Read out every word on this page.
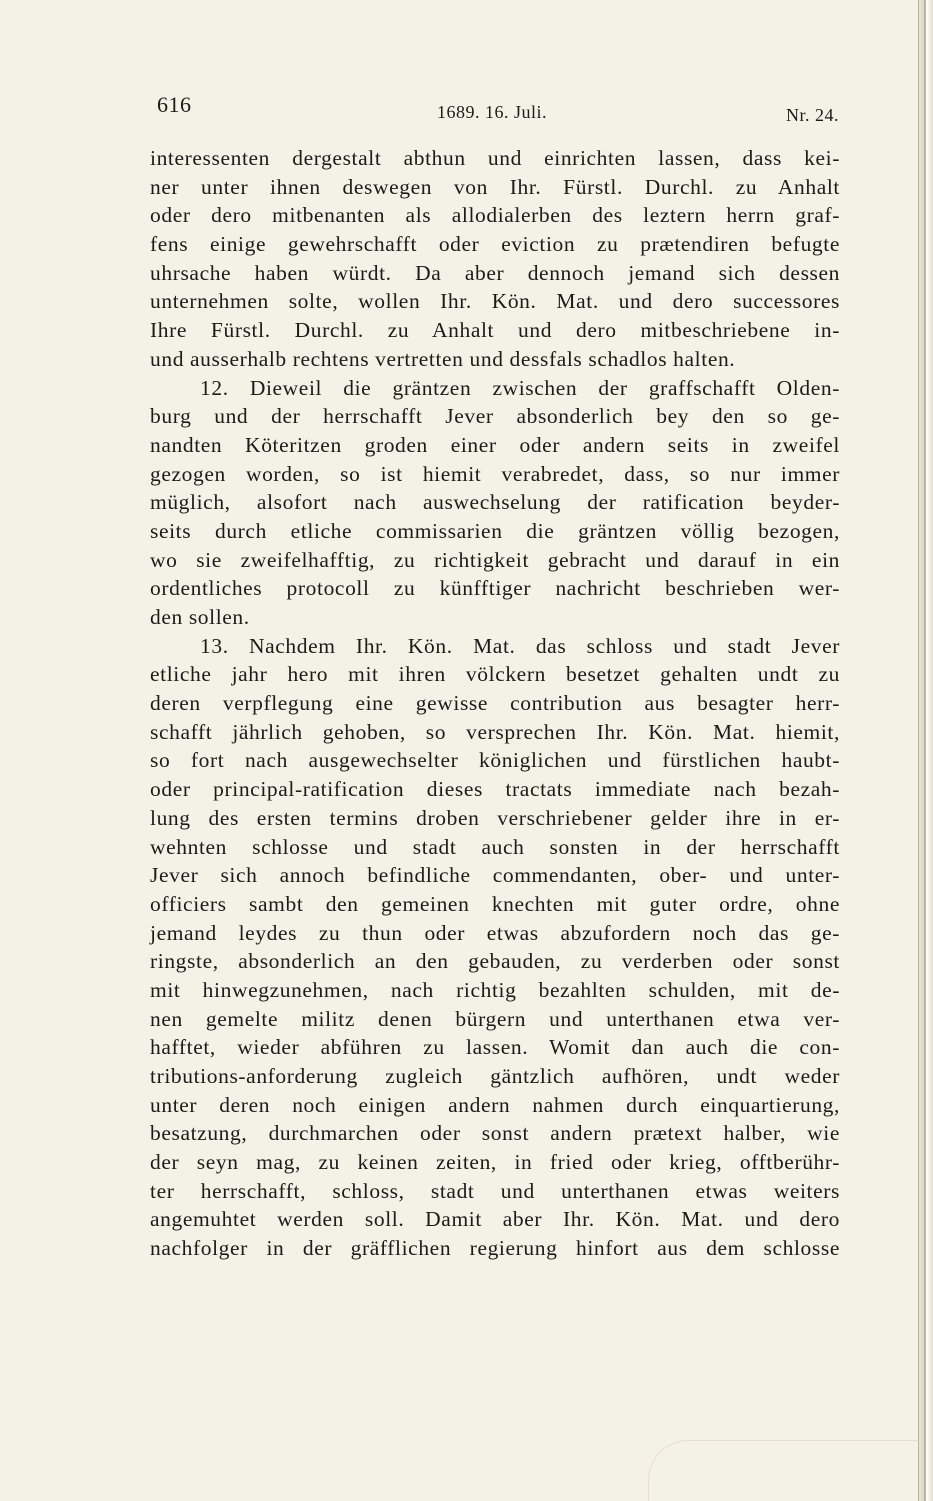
616	1689. 16. Juli.	Nr. 24.
interessenten dergestalt abthun und einrichten lassen, dass kei-
ner unter ihnen deswegen von Ihr. Fürstl. Durchl. zu Anhalt
oder dero mitbenanten als allodialerben des leztern herrn graf-
fens einige gewehrschafft oder eviction zu prætendiren befugte
uhrsache haben würdt. Da aber dennoch jemand sich dessen
unternehmen solte, wollen Ihr. Kön. Mat. und dero successores
Ihre Fürstl. Durchl. zu Anhalt und dero mitbeschriebene in-
und ausserhalb rechtens vertretten und dessfals schadlos halten.
12. Dieweil die gräntzen zwischen der graffschafft Olden-
burg und der herrschafft Jever absonderlich bey den so ge-
nandten Köteritzen groden einer oder andern seits in zweifel
gezogen worden, so ist hiemit verabredet, dass, so nur immer
müglich, alsofort nach auswechselung der ratification beyder-
seits durch etliche commissarien die gräntzen völlig bezogen,
wo sie zweifelhafftig, zu richtigkeit gebracht und darauf in ein
ordentliches protocoll zu künfftiger nachricht beschrieben wer-
den sollen.
13. Nachdem Ihr. Kön. Mat. das schloss und stadt Jever
etliche jahr hero mit ihren völckern besetzet gehalten undt zu
deren verpflegung eine gewisse contribution aus besagter herr-
schafft jährlich gehoben, so versprechen Ihr. Kön. Mat. hiemit,
so fort nach ausgewechselter königlichen und fürstlichen haubt-
oder principal-ratification dieses tractats immediate nach bezah-
lung des ersten termins droben verschriebener gelder ihre in er-
wehnten schlosse und stadt auch sonsten in der herrschafft
Jever sich annoch befindliche commendanten, ober- und unter-
officiers sambt den gemeinen knechten mit guter ordre, ohne
jemand leydes zu thun oder etwas abzufordern noch das ge-
ringste, absonderlich an den gebauden, zu verderben oder sonst
mit hinwegzunehmen, nach richtig bezahlten schulden, mit de-
nen gemelte militz denen bürgern und unterthanen etwa ver-
hafftet, wieder abführen zu lassen. Womit dan auch die con-
tributions-anforderung zugleich gäntzlich aufhören, undt weder
unter deren noch einigen andern nahmen durch einquartierung,
besatzung, durchmarchen oder sonst andern prætext halber, wie
der seyn mag, zu keinen zeiten, in fried oder krieg, offtberühr-
ter herrschafft, schloss, stadt und unterthanen etwas weiters
angemuhtet werden soll. Damit aber Ihr. Kön. Mat. und dero
nachfolger in der gräfflichen regierung hinfort aus dem schlosse
